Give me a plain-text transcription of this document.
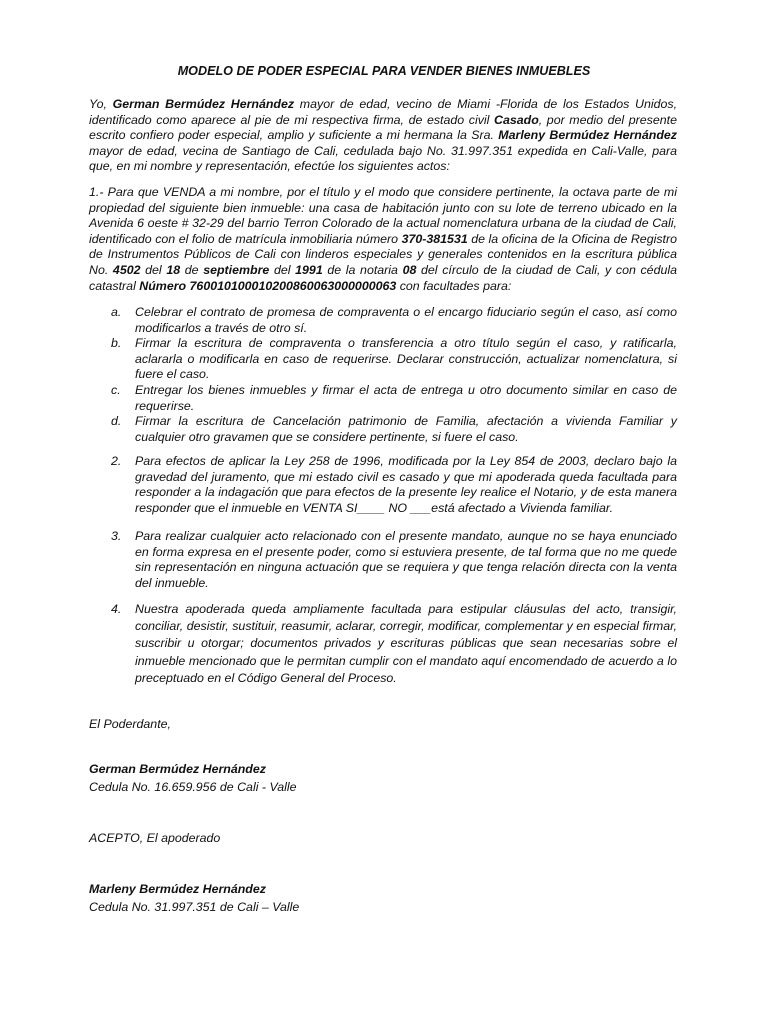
MODELO DE PODER ESPECIAL PARA VENDER BIENES INMUEBLES

Yo, German Bermúdez Hernández mayor de edad, vecino de Miami -Florida de los Estados Unidos, identificado como aparece al pie de mi respectiva firma, de estado civil Casado, por medio del presente escrito confiero poder especial, amplio y suficiente a mi hermana la Sra. Marleny Bermúdez Hernández mayor de edad, vecina de Santiago de Cali, cedulada bajo No. 31.997.351 expedida en Cali-Valle, para que, en mi nombre y representación, efectúe los siguientes actos:

1.- Para que VENDA a mi nombre, por el título y el modo que considere pertinente, la octava parte de mi propiedad del siguiente bien inmueble: una casa de habitación junto con su lote de terreno ubicado en la Avenida 6 oeste # 32-29 del barrio Terron Colorado de la actual nomenclatura urbana de la ciudad de Cali, identificado con el folio de matrícula inmobiliaria número 370-381531 de la oficina de la Oficina de Registro de Instrumentos Públicos de Cali con linderos especiales y generales contenidos en la escritura pública No. 4502 del 18 de septiembre del 1991 de la notaria 08 del círculo de la ciudad de Cali, y con cédula catastral Número 760010100010200860063000000063 con facultades para:

a. Celebrar el contrato de promesa de compraventa o el encargo fiduciario según el caso, así como modificarlos a través de otro sí.
b. Firmar la escritura de compraventa o transferencia a otro título según el caso, y ratificarla, aclararla o modificarla en caso de requerirse. Declarar construcción, actualizar nomenclatura, si fuere el caso.
c. Entregar los bienes inmuebles y firmar el acta de entrega u otro documento similar en caso de requerirse.
d. Firmar la escritura de Cancelación patrimonio de Familia, afectación a vivienda Familiar y cualquier otro gravamen que se considere pertinente, si fuere el caso.
2. Para efectos de aplicar la Ley 258 de 1996, modificada por la Ley 854 de 2003, declaro bajo la gravedad del juramento, que mi estado civil es casado y que mi apoderada queda facultada para responder a la indagación que para efectos de la presente ley realice el Notario, y de esta manera responder que el inmueble en VENTA SI____ NO ___está afectado a Vivienda familiar.
3. Para realizar cualquier acto relacionado con el presente mandato, aunque no se haya enunciado en forma expresa en el presente poder, como si estuviera presente, de tal forma que no me quede sin representación en ninguna actuación que se requiera y que tenga relación directa con la venta del inmueble.
4. Nuestra apoderada queda ampliamente facultada para estipular cláusulas del acto, transigir, conciliar, desistir, sustituir, reasumir, aclarar, corregir, modificar, complementar y en especial firmar, suscribir u otorgar; documentos privados y escrituras públicas que sean necesarias sobre el inmueble mencionado que le permitan cumplir con el mandato aquí encomendado de acuerdo a lo preceptuado en el Código General del Proceso.
El Poderdante,
German Bermúdez Hernández
Cedula No. 16.659.956 de Cali - Valle
ACEPTO, El apoderado
Marleny Bermúdez Hernández
Cedula No. 31.997.351 de Cali – Valle
